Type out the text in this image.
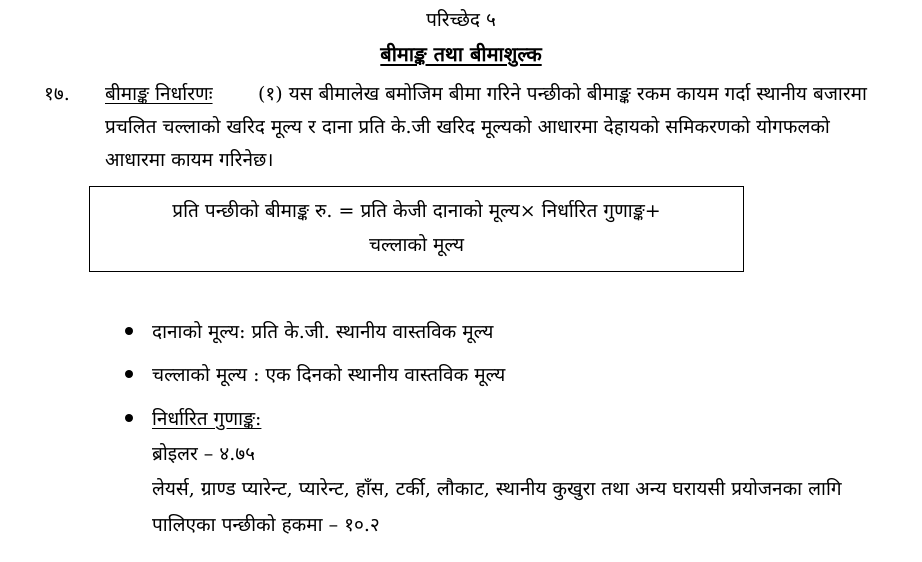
परिच्छेद ५
बीमाङ्क तथा बीमाशुल्क
१७. बीमाङ्क निर्धारणः (१) यस बीमालेख बमोजिम बीमा गरिने पन्छीको बीमाङ्क रकम कायम गर्दा स्थानीय बजारमा
प्रचलित चल्लाको खरिद मूल्य र दाना प्रति के.जी खरिद मूल्यको आधारमा देहायको समिकरणको योगफलको
आधारमा कायम गरिनेछ।
प्रति पन्छीको बीमाङ्क रु. = प्रति केजी दानाको मूल्य× निर्धारित गुणाङ्क+
चल्लाको मूल्य
दानाको मूल्य: प्रति के.जी. स्थानीय वास्तविक मूल्य
चल्लाको मूल्य : एक दिनको स्थानीय वास्तविक मूल्य
निर्धारित गुणाङ्क:
ब्रोइलर – ४.७५
लेयर्स, ग्राण्ड प्यारेन्ट, प्यारेन्ट, हाँस, टर्की, लौकाट, स्थानीय कुखुरा तथा अन्य घरायसी प्रयोजनका लागि
पालिएका पन्छीको हकमा – १०.२
